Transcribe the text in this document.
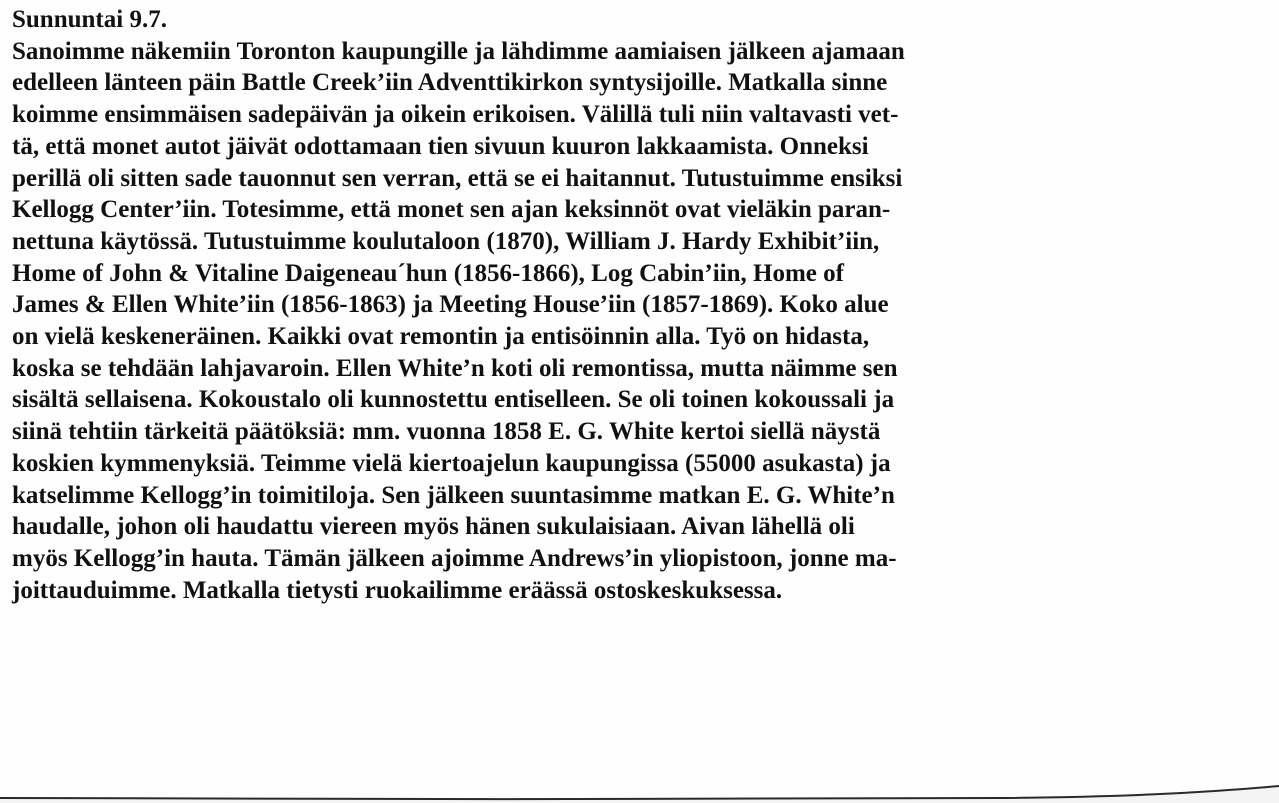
Sunnuntai 9.7.
Sanoimme näkemiin Toronton kaupungille ja lähdimme aamiaisen jälkeen ajamaan
edelleen länteen päin Battle Creek’iin Adventtikirkon syntysijoille. Matkalla sinne
koimme ensimmäisen sadepäivän ja oikein erikoisen. Välillä tuli niin valtavasti vet-
tä, että monet autot jäivät odottamaan tien sivuun kuuron lakkaamista. Onneksi
perillä oli sitten sade tauonnut sen verran, että se ei haitannut. Tutustuimme ensiksi
Kellogg Center’iin. Totesimme, että monet sen ajan keksinnöt ovat vieläkin paran-
nettuna käytössä. Tutustuimme koulutaloon (1870), William J. Hardy Exhibit’iin,
Home of John & Vitaline Daigeneau´hun (1856-1866), Log Cabin’iin, Home of
James & Ellen White’iin (1856-1863) ja Meeting House’iin (1857-1869). Koko alue
on vielä keskeneräinen. Kaikki ovat remontin ja entisöinnin alla. Työ on hidasta,
koska se tehdään lahjavaroin. Ellen White’n koti oli remontissa, mutta näimme sen
sisältä sellaisena. Kokoustalo oli kunnostettu entiselleen. Se oli toinen kokoussali ja
siinä tehtiin tärkeitä päätöksiä: mm. vuonna 1858 E. G. White kertoi siellä näystä
koskien kymmenyksiä. Teimme vielä kiertoajelun kaupungissa (55000 asukasta) ja
katselimme Kellogg’in toimitiloja. Sen jälkeen suuntasimme matkan E. G. White’n
haudalle, johon oli haudattu viereen myös hänen sukulaisiaan. Aivan lähellä oli
myös Kellogg’in hauta. Tämän jälkeen ajoimme Andrews’in yliopistoon, jonne ma-
joittauduimme. Matkalla tietysti ruokailimme eräässä ostoskeskuksessa.
